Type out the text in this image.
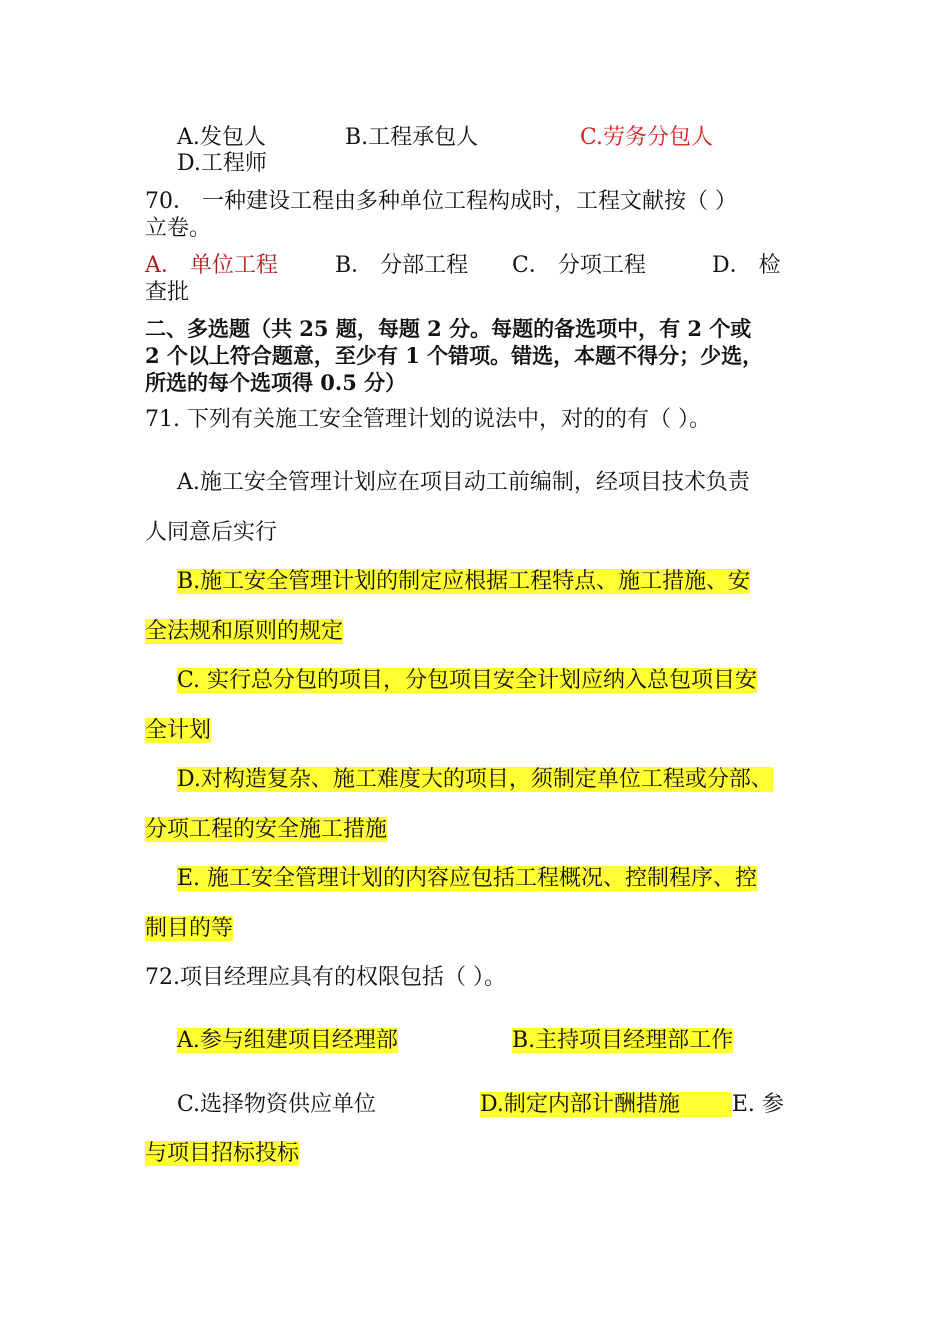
A.发包人	B.工程承包人	C.劳务分包人
D.工程师
70． 一种建设工程由多种单位工程构成时，工程文献按（ ）
立卷。
A． 单位工程	B． 分部工程 C． 分项工程	D． 检
查批
二、多选题（共 25 题，每题 2 分。每题的备选项中，有 2 个或
2 个以上符合题意，至少有 1 个错项。错选，本题不得分；少选，
所选的每个选项得 0.5 分）
71. 下列有关施工安全管理计划的说法中，对的的有（ ）。
A.施工安全管理计划应在项目动工前编制，经项目技术负责
人同意后实行
B.施工安全管理计划的制定应根据工程特点、施工措施、安
全法规和原则的规定
C. 实行总分包的项目，分包项目安全计划应纳入总包项目安
全计划
D.对构造复杂、施工难度大的项目，须制定单位工程或分部、
分项工程的安全施工措施
E. 施工安全管理计划的内容应包括工程概况、控制程序、控
制目的等
72.项目经理应具有的权限包括（ ）。
A.参与组建项目经理部	B.主持项目经理部工作
C.选择物资供应单位	D.制定内部计酬措施 E. 参
与项目招标投标
